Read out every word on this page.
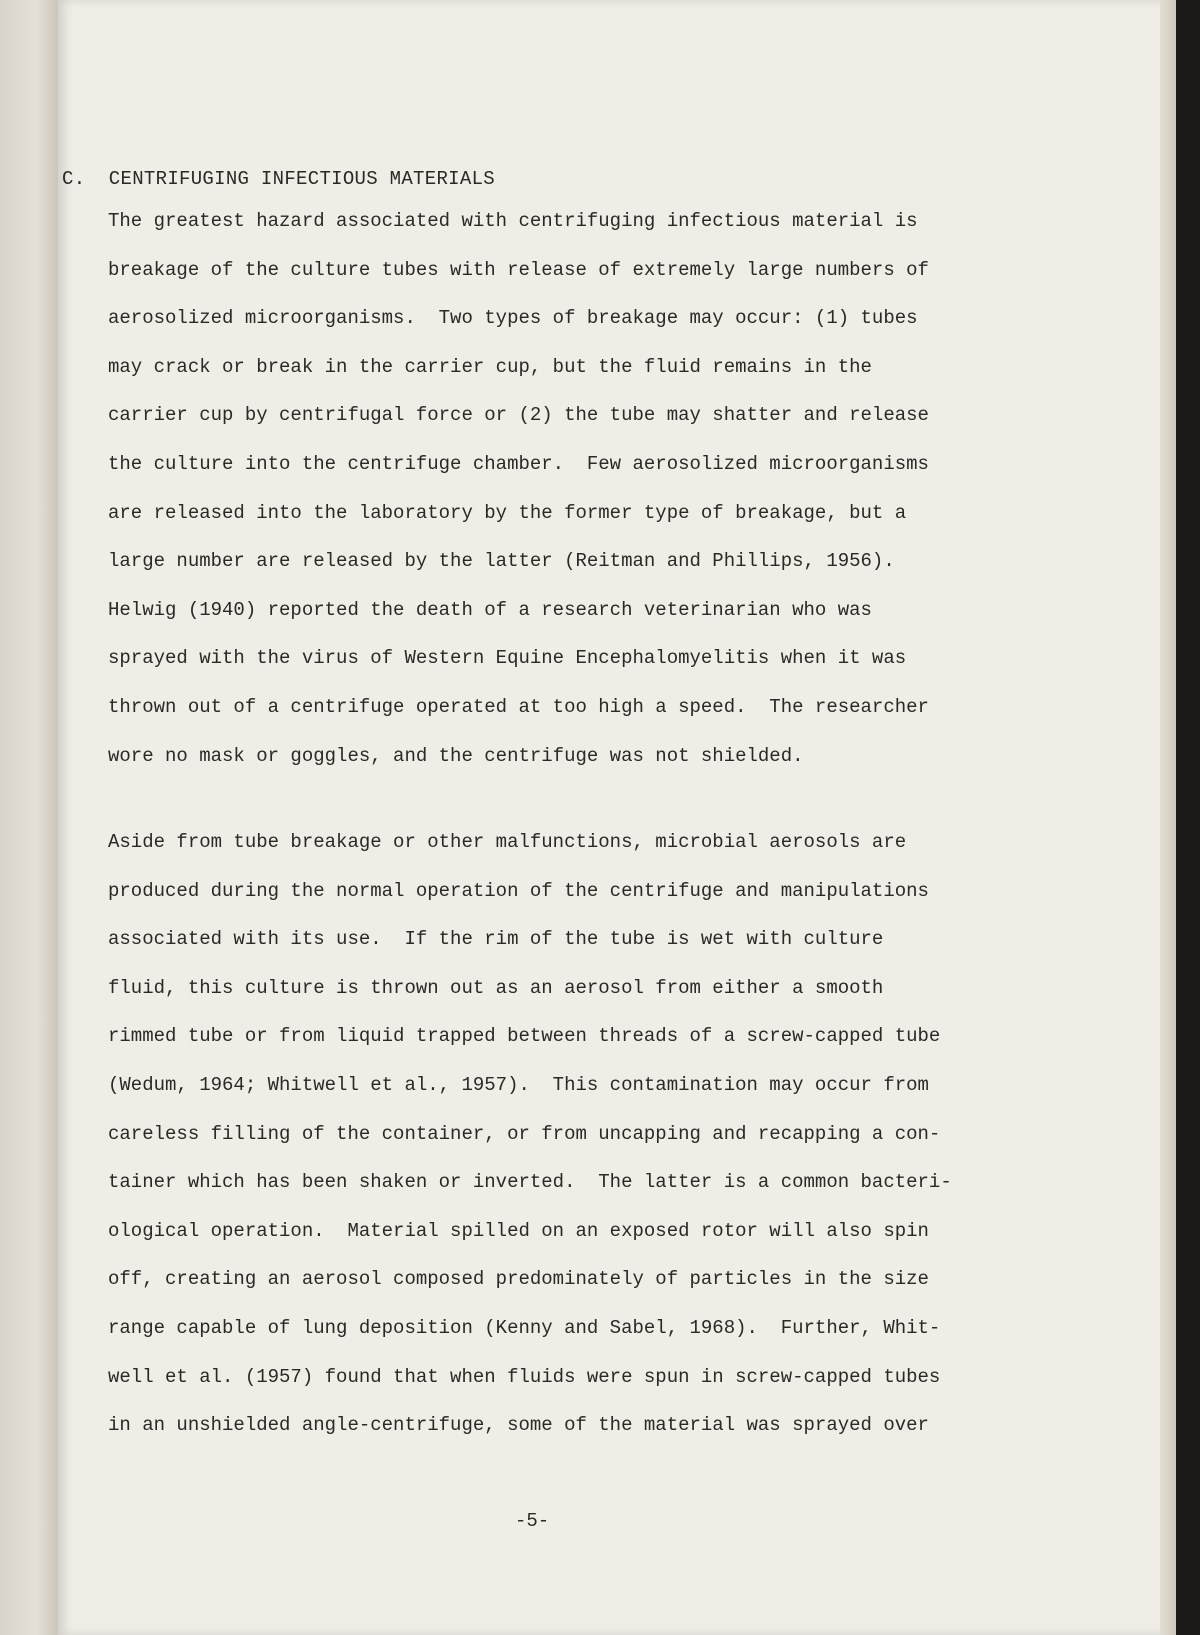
C.  CENTRIFUGING INFECTIOUS MATERIALS
The greatest hazard associated with centrifuging infectious material is
breakage of the culture tubes with release of extremely large numbers of
aerosolized microorganisms.  Two types of breakage may occur: (1) tubes
may crack or break in the carrier cup, but the fluid remains in the
carrier cup by centrifugal force or (2) the tube may shatter and release
the culture into the centrifuge chamber.  Few aerosolized microorganisms
are released into the laboratory by the former type of breakage, but a
large number are released by the latter (Reitman and Phillips, 1956).
Helwig (1940) reported the death of a research veterinarian who was
sprayed with the virus of Western Equine Encephalomyelitis when it was
thrown out of a centrifuge operated at too high a speed.  The researcher
wore no mask or goggles, and the centrifuge was not shielded.
Aside from tube breakage or other malfunctions, microbial aerosols are
produced during the normal operation of the centrifuge and manipulations
associated with its use.  If the rim of the tube is wet with culture
fluid, this culture is thrown out as an aerosol from either a smooth
rimmed tube or from liquid trapped between threads of a screw-capped tube
(Wedum, 1964; Whitwell et al., 1957).  This contamination may occur from
careless filling of the container, or from uncapping and recapping a con-
tainer which has been shaken or inverted.  The latter is a common bacteri-
ological operation.  Material spilled on an exposed rotor will also spin
off, creating an aerosol composed predominately of particles in the size
range capable of lung deposition (Kenny and Sabel, 1968).  Further, Whit-
well et al. (1957) found that when fluids were spun in screw-capped tubes
in an unshielded angle-centrifuge, some of the material was sprayed over
-5-
